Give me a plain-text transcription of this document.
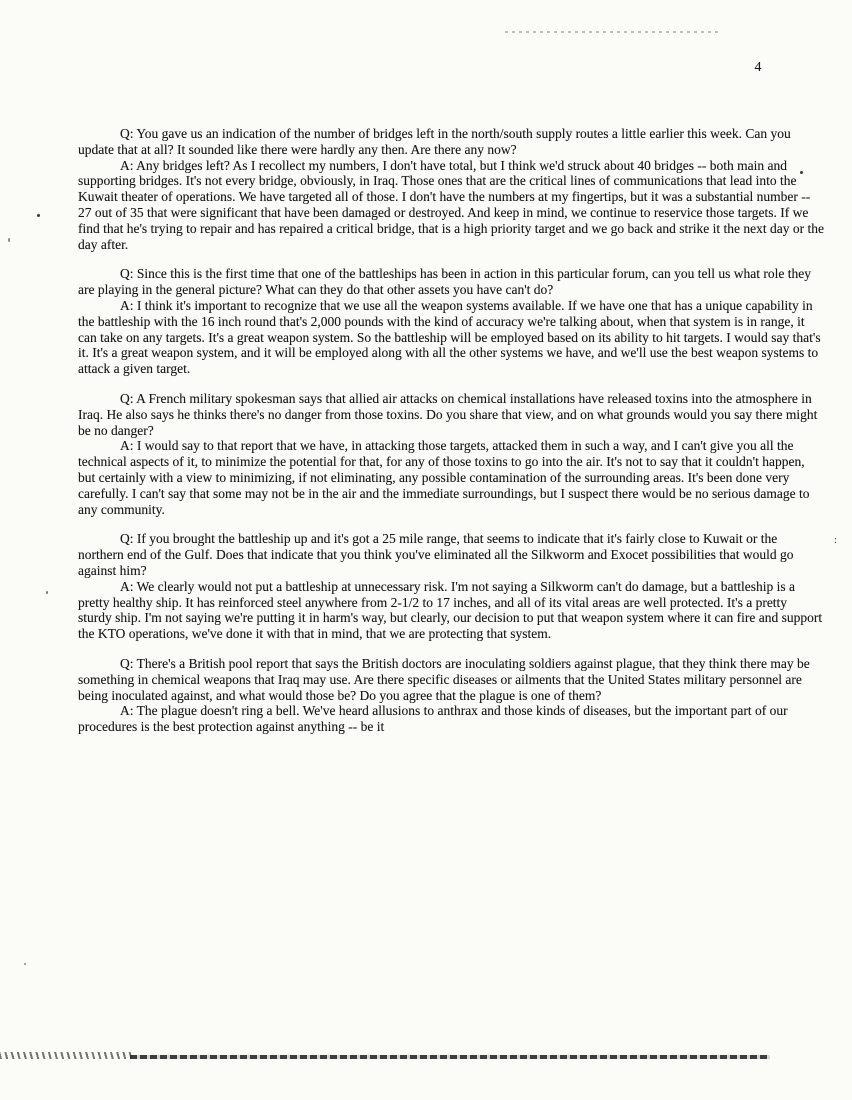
4

Q: You gave us an indication of the number of bridges left in the north/south supply routes a little earlier this week. Can you update that at all? It sounded like there were hardly any then. Are there any now?

A: Any bridges left? As I recollect my numbers, I don't have total, but I think we'd struck about 40 bridges -- both main and supporting bridges. It's not every bridge, obviously, in Iraq. Those ones that are the critical lines of communications that lead into the Kuwait theater of operations. We have targeted all of those. I don't have the numbers at my fingertips, but it was a substantial number -- 27 out of 35 that were significant that have been damaged or destroyed. And keep in mind, we continue to reservice those targets. If we find that he's trying to repair and has repaired a critical bridge, that is a high priority target and we go back and strike it the next day or the day after.

Q: Since this is the first time that one of the battleships has been in action in this particular forum, can you tell us what role they are playing in the general picture? What can they do that other assets you have can't do?

A: I think it's important to recognize that we use all the weapon systems available. If we have one that has a unique capability in the battleship with the 16 inch round that's 2,000 pounds with the kind of accuracy we're talking about, when that system is in range, it can take on any targets. It's a great weapon system. So the battleship will be employed based on its ability to hit targets. I would say that's it. It's a great weapon system, and it will be employed along with all the other systems we have, and we'll use the best weapon systems to attack a given target.

Q: A French military spokesman says that allied air attacks on chemical installations have released toxins into the atmosphere in Iraq. He also says he thinks there's no danger from those toxins. Do you share that view, and on what grounds would you say there might be no danger?

A: I would say to that report that we have, in attacking those targets, attacked them in such a way, and I can't give you all the technical aspects of it, to minimize the potential for that, for any of those toxins to go into the air. It's not to say that it couldn't happen, but certainly with a view to minimizing, if not eliminating, any possible contamination of the surrounding areas. It's been done very carefully. I can't say that some may not be in the air and the immediate surroundings, but I suspect there would be no serious damage to any community.

Q: If you brought the battleship up and it's got a 25 mile range, that seems to indicate that it's fairly close to Kuwait or the northern end of the Gulf. Does that indicate that you think you've eliminated all the Silkworm and Exocet possibilities that would go against him?

A: We clearly would not put a battleship at unnecessary risk. I'm not saying a Silkworm can't do damage, but a battleship is a pretty healthy ship. It has reinforced steel anywhere from 2-1/2 to 17 inches, and all of its vital areas are well protected. It's a pretty sturdy ship. I'm not saying we're putting it in harm's way, but clearly, our decision to put that weapon system where it can fire and support the KTO operations, we've done it with that in mind, that we are protecting that system.

Q: There's a British pool report that says the British doctors are inoculating soldiers against plague, that they think there may be something in chemical weapons that Iraq may use. Are there specific diseases or ailments that the United States military personnel are being inoculated against, and what would those be? Do you agree that the plague is one of them?

A: The plague doesn't ring a bell. We've heard allusions to anthrax and those kinds of diseases, but the important part of our procedures is the best protection against anything -- be it

:
